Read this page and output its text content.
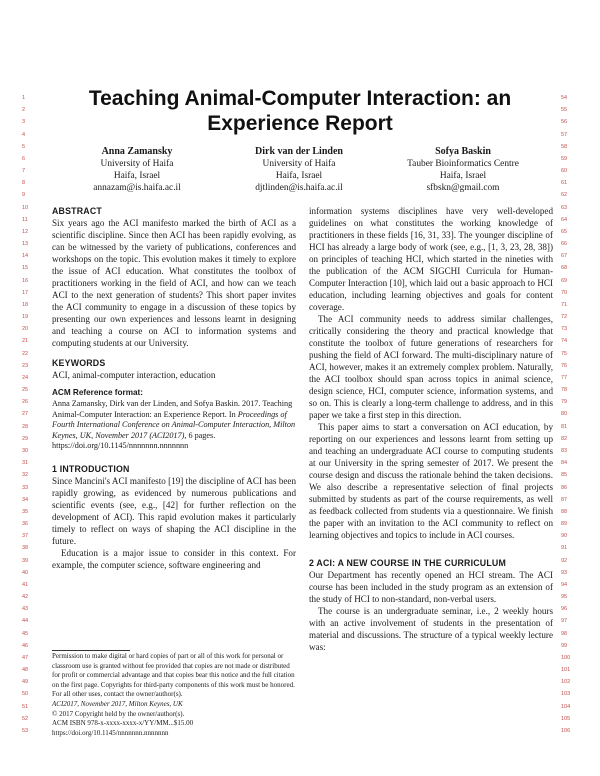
1
2
3
4
5
6
7
8
9
10
11
12
13
14
15
16
17
18
19
20
21
22
23
24
25
26
27
28
29
30
31
32
33
34
35
36
37
38
39
40
41
42
43
44
45
46
47
48
49
50
51
52
53
54
55
56
57
58
59
60
61
62
63
64
65
66
67
68
69
70
71
72
73
74
75
76
77
78
79
80
81
82
83
84
85
86
87
88
89
90
91
92
93
94
95
96
97
98
99
100
101
102
103
104
105
106
Teaching Animal-Computer Interaction: an Experience Report
Anna Zamansky
University of Haifa
Haifa, Israel
annazam@is.haifa.ac.il
Dirk van der Linden
University of Haifa
Haifa, Israel
djtlinden@is.haifa.ac.il
Sofya Baskin
Tauber Bioinformatics Centre
Haifa, Israel
sfbskn@gmail.com
ABSTRACT

Six years ago the ACI manifesto marked the birth of ACI as a scientific discipline. Since then ACI has been rapidly evolving, as can be witnessed by the variety of publications, conferences and workshops on the topic. This evolution makes it timely to explore the issue of ACI education. What constitutes the toolbox of practitioners working in the field of ACI, and how can we teach ACI to the next generation of students? This short paper invites the ACI community to engage in a discussion of these topics by presenting our own experiences and lessons learnt in designing and teaching a course on ACI to information systems and computing students at our University.

KEYWORDS

ACI, animal-computer interaction, education

ACM Reference format:
Anna Zamansky, Dirk van der Linden, and Sofya Baskin. 2017. Teaching Animal-Computer Interaction: an Experience Report. In Proceedings of Fourth International Conference on Animal-Computer Interaction, Milton Keynes, UK, November 2017 (ACI2017), 6 pages. https://doi.org/10.1145/nnnnnnn.nnnnnnn
1 INTRODUCTION

Since Mancini's ACI manifesto [19] the discipline of ACI has been rapidly growing, as evidenced by numerous publications and scientific events (see, e.g., [42] for further reflection on the development of ACI). This rapid evolution makes it particularly timely to reflect on ways of shaping the ACI discipline in the future.

Education is a major issue to consider in this context. For example, the computer science, software engineering and

Permission to make digital or hard copies of part or all of this work for personal or classroom use is granted without fee provided that copies are not made or distributed for profit or commercial advantage and that copies bear this notice and the full citation on the first page. Copyrights for third-party components of this work must be honored. For all other uses, contact the owner/author(s).

ACI2017, November 2017, Milton Keynes, UK

© 2017 Copyright held by the owner/author(s).

ACM ISBN 978-x-xxxx-xxxx-x/YY/MM...$15.00

https://doi.org/10.1145/nnnnnnn.nnnnnnn

information systems disciplines have very well-developed guidelines on what constitutes the working knowledge of practitioners in these fields [16, 31, 33]. The younger discipline of HCI has already a large body of work (see, e.g., [1, 3, 23, 28, 38]) on principles of teaching HCI, which started in the nineties with the publication of the ACM SIGCHI Curricula for Human-Computer Interaction [10], which laid out a basic approach to HCI education, including learning objectives and goals for content coverage.

The ACI community needs to address similar challenges, critically considering the theory and practical knowledge that constitute the toolbox of future generations of researchers for pushing the field of ACI forward. The multi-disciplinary nature of ACI, however, makes it an extremely complex problem. Naturally, the ACI toolbox should span across topics in animal science, design science, HCI, computer science, information systems, and so on. This is clearly a long-term challenge to address, and in this paper we take a first step in this direction.

This paper aims to start a conversation on ACI education, by reporting on our experiences and lessons learnt from setting up and teaching an undergraduate ACI course to computing students at our University in the spring semester of 2017. We present the course design and discuss the rationale behind the taken decisions. We also describe a representative selection of final projects submitted by students as part of the course requirements, as well as feedback collected from students via a questionnaire. We finish the paper with an invitation to the ACI community to reflect on learning objectives and topics to include in ACI courses.

2 ACI: A NEW COURSE IN THE CURRICULUM

Our Department has recently opened an HCI stream. The ACI course has been included in the study program as an extension of the study of HCI to non-standard, non-verbal users.

The course is an undergraduate seminar, i.e., 2 weekly hours with an active involvement of students in the presentation of material and discussions. The structure of a typical weekly lecture was:
